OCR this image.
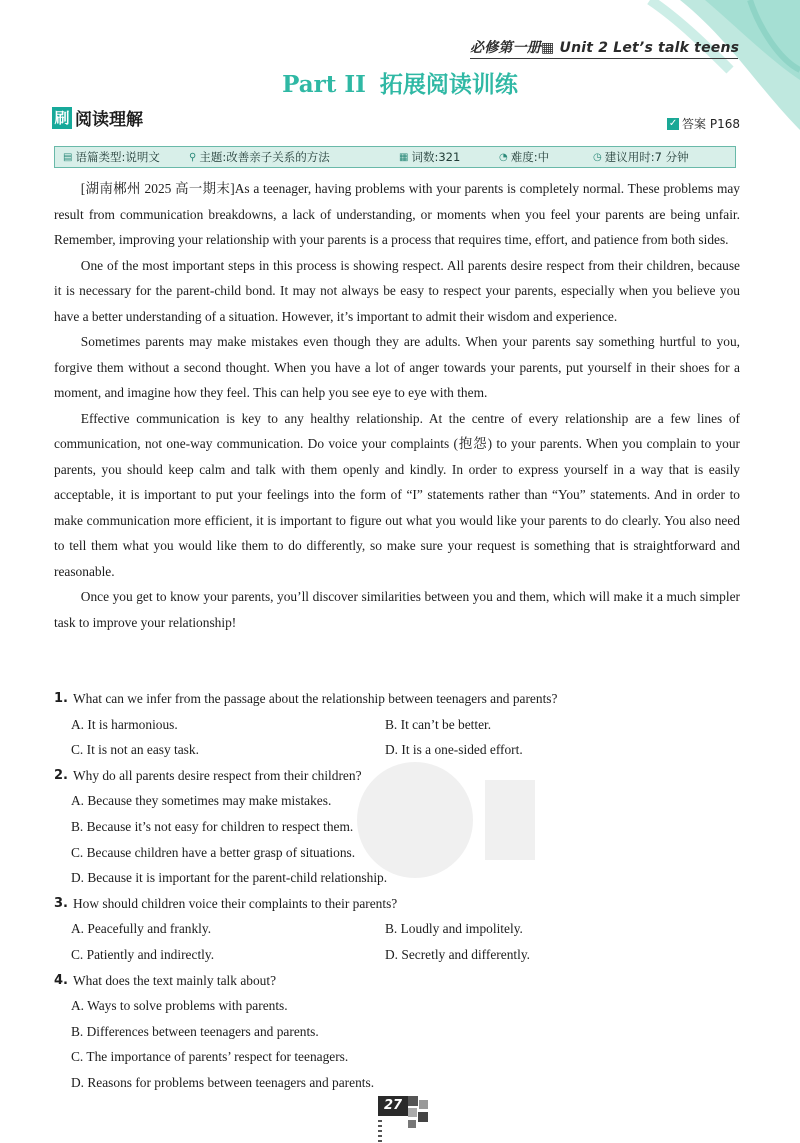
必修第一册▦ Unit 2 Let’s talk teens
Part II 拓展阅读训练
刷 阅读理解	✓ 答案 P168
▤ 语篇类型:说明文	⚲ 主题:改善亲子关系的方法	▦ 词数:321	◔ 难度:中	◷ 建议用时:7 分钟

[湖南郴州 2025 高一期末]As a teenager, having problems with your parents is completely normal. These problems may result from communication breakdowns, a lack of understanding, or moments when you feel your parents are being unfair. Remember, improving your relationship with your parents is a process that requires time, effort, and patience from both sides.

One of the most important steps in this process is showing respect. All parents desire respect from their children, because it is necessary for the parent-child bond. It may not always be easy to respect your parents, especially when you believe you have a better understanding of a situation. However, it’s important to admit their wisdom and experience.

Sometimes parents may make mistakes even though they are adults. When your parents say something hurtful to you, forgive them without a second thought. When you have a lot of anger towards your parents, put yourself in their shoes for a moment, and imagine how they feel. This can help you see eye to eye with them.

Effective communication is key to any healthy relationship. At the centre of every relationship are a few lines of communication, not one-way communication. Do voice your complaints (抱怨) to your parents. When you complain to your parents, you should keep calm and talk with them openly and kindly. In order to express yourself in a way that is easily acceptable, it is important to put your feelings into the form of “I” statements rather than “You” statements. And in order to make communication more efficient, it is important to figure out what you would like your parents to do clearly. You also need to tell them what you would like them to do differently, so make sure your request is something that is straightforward and reasonable.

Once you get to know your parents, you’ll discover similarities between you and them, which will make it a much simpler task to improve your relationship!

1. What can we infer from the passage about the relationship between teenagers and parents?
A. It is harmonious.	B. It can’t be better.
C. It is not an easy task.	D. It is a one-sided effort.
2. Why do all parents desire respect from their children?
A. Because they sometimes may make mistakes.
B. Because it’s not easy for children to respect them.
C. Because children have a better grasp of situations.
D. Because it is important for the parent-child relationship.
3. How should children voice their complaints to their parents?
A. Peacefully and frankly.	B. Loudly and impolitely.
C. Patiently and indirectly.	D. Secretly and differently.
4. What does the text mainly talk about?
A. Ways to solve problems with parents.
B. Differences between teenagers and parents.
C. The importance of parents’ respect for teenagers.
D. Reasons for problems between teenagers and parents.
27
